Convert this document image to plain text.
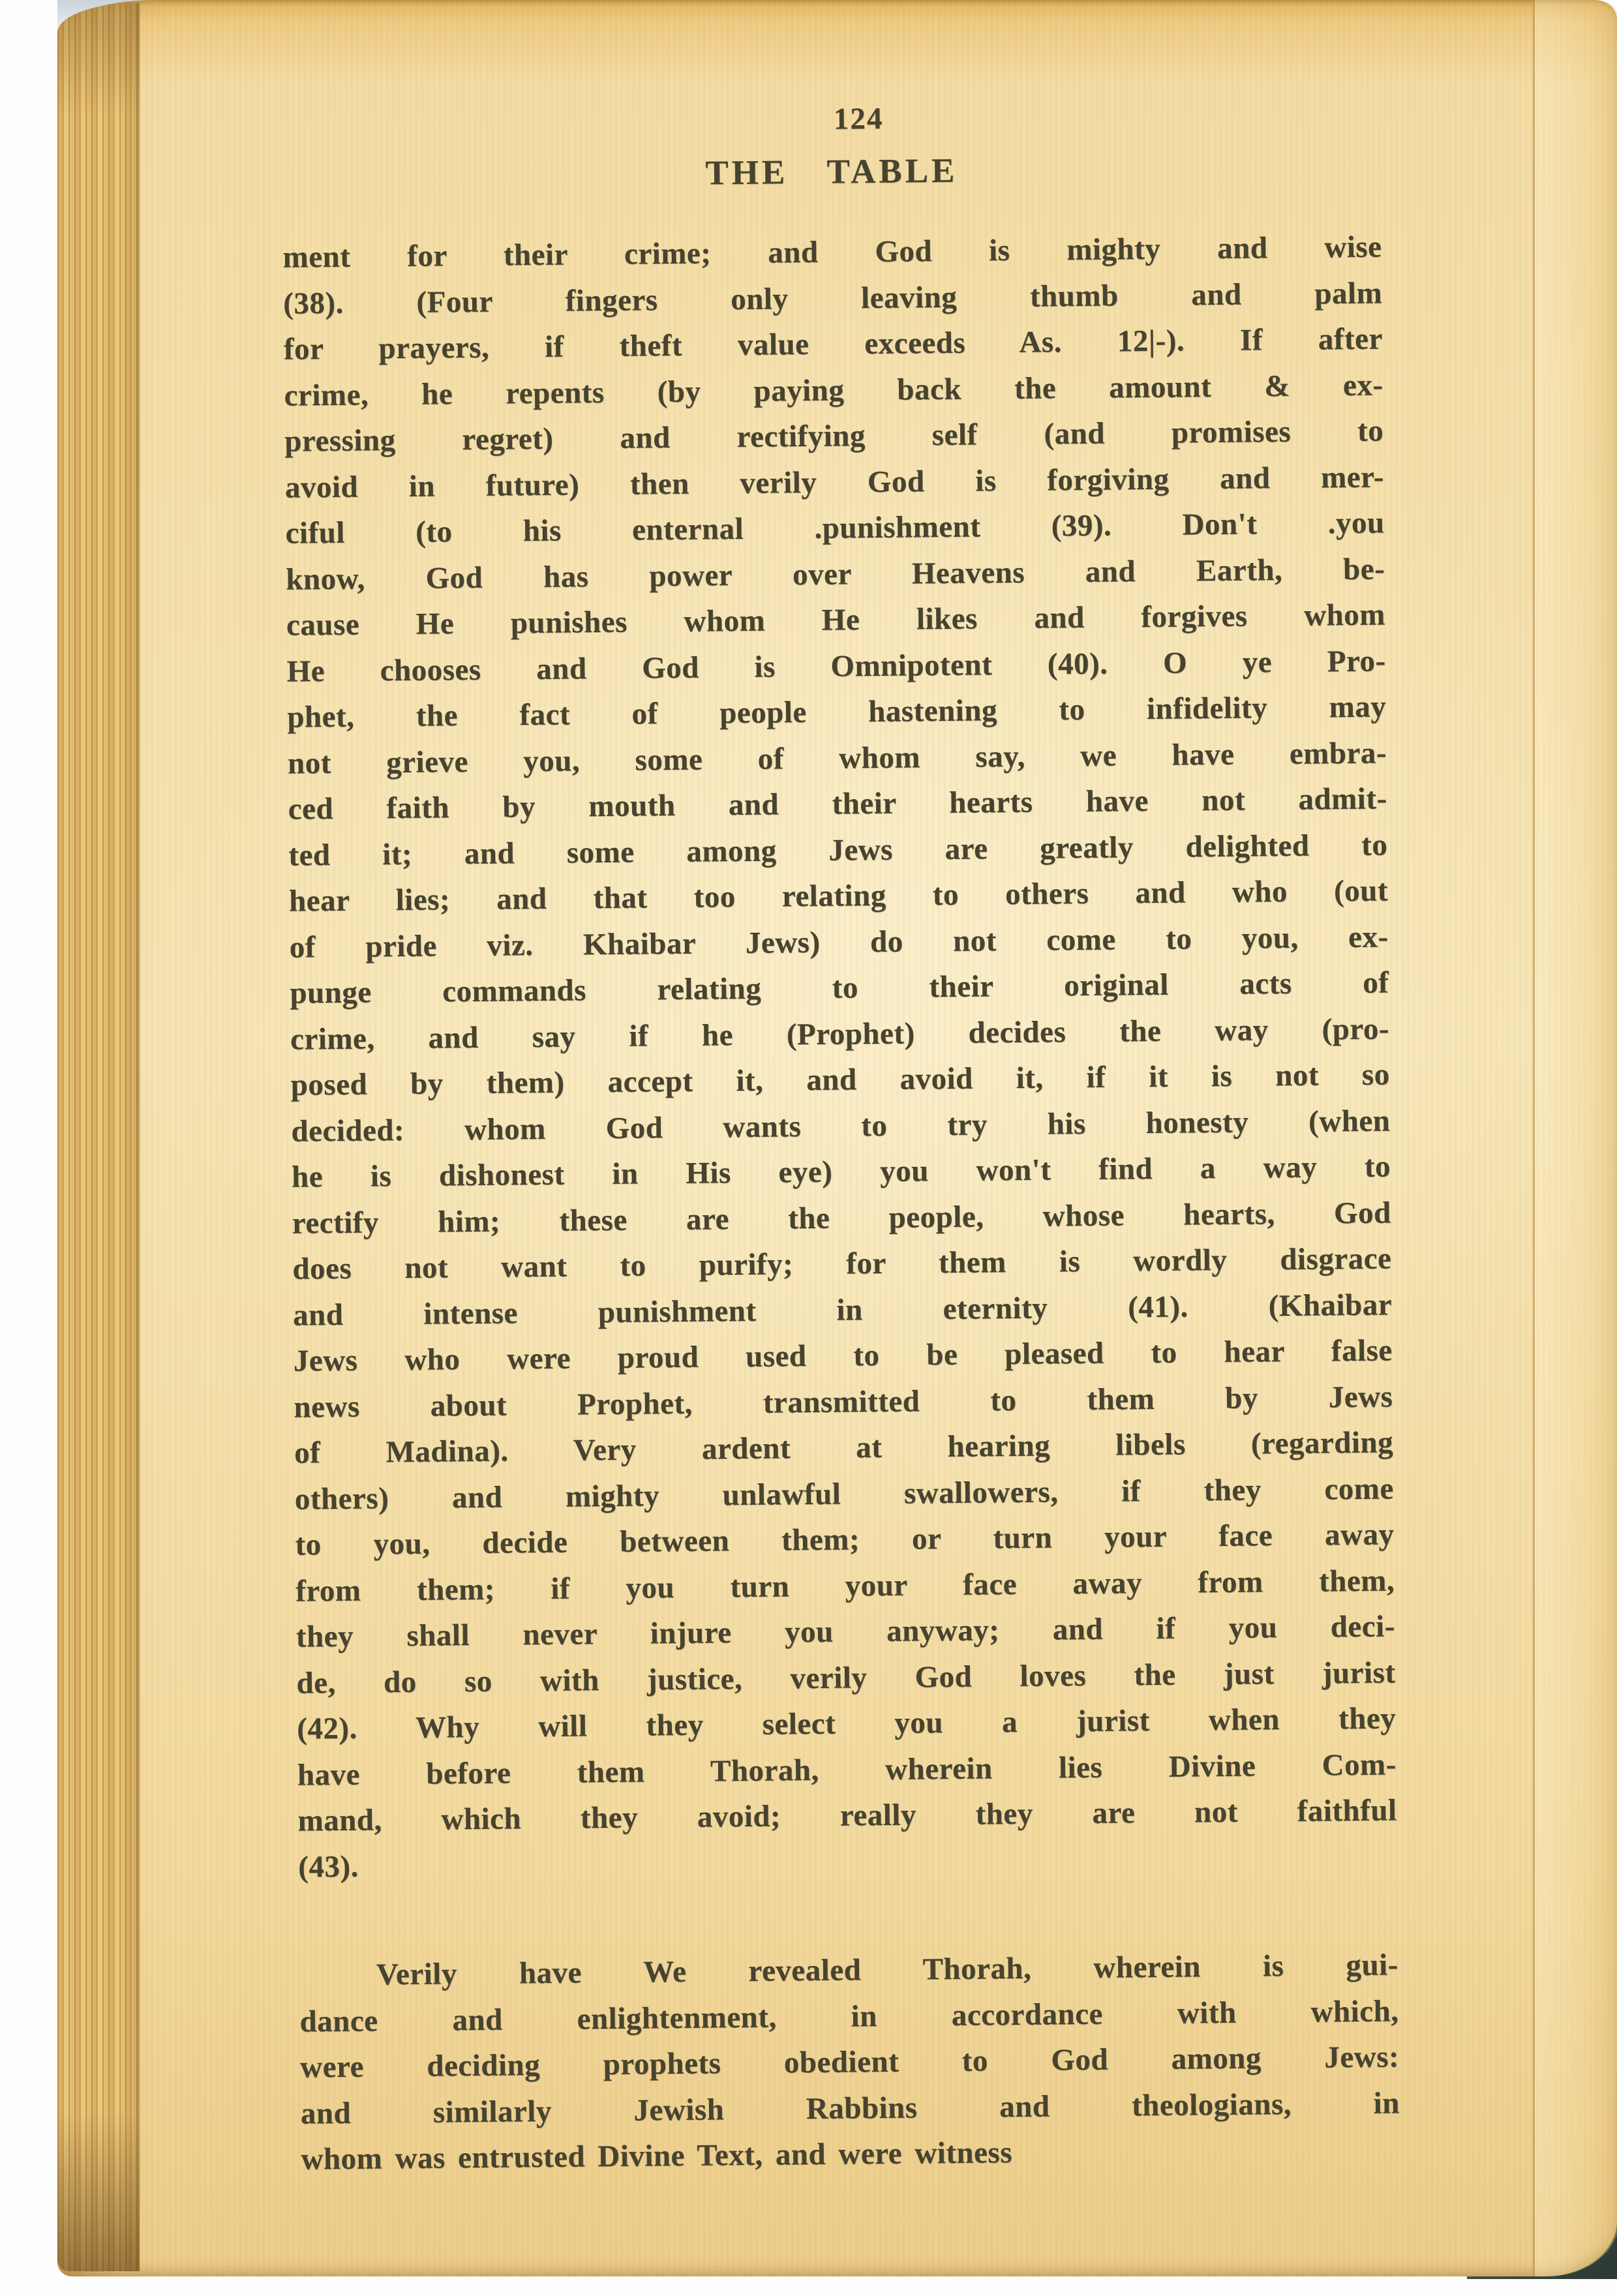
124
THE TABLE
ment for their crime; and God is mighty and wise
(38). (Four fingers only leaving thumb and palm
for prayers, if theft value exceeds As. 12|-). If after
crime, he repents (by paying back the amount & ex-
pressing regret) and rectifying self (and promises to
avoid in future) then verily God is forgiving and mer-
ciful (to his enternal .punishment (39). Don't .you
know, God has power over Heavens and Earth, be-
cause He punishes whom He likes and forgives whom
He chooses and God is Omnipotent (40). O ye Pro-
phet, the fact of people hastening to infidelity may
not grieve you, some of whom say, we have embra-
ced faith by mouth and their hearts have not admit-
ted it; and some among Jews are greatly delighted to
hear lies; and that too relating to others and who (out
of pride viz. Khaibar Jews) do not come to you, ex-
punge commands relating to their original acts of
crime, and say if he (Prophet) decides the way (pro-
posed by them) accept it, and avoid it, if it is not so
decided: whom God wants to try his honesty (when
he is dishonest in His eye) you won't find a way to
rectify him; these are the people, whose hearts, God
does not want to purify; for them is wordly disgrace
and intense punishment in eternity (41). (Khaibar
Jews who were proud used to be pleased to hear false
news about Prophet, transmitted to them by Jews
of Madina). Very ardent at hearing libels (regarding
others) and mighty unlawful swallowers, if they come
to you, decide between them; or turn your face away
from them; if you turn your face away from them,
they shall never injure you anyway; and if you deci-
de, do so with justice, verily God loves the just jurist
(42). Why will they select you a jurist when they
have before them Thorah, wherein lies Divine Com-
mand, which they avoid; really they are not faithful
(43).
Verily have We revealed Thorah, wherein is gui-
dance and enlightenment, in accordance with which,
were deciding prophets obedient to God among Jews:
and similarly Jewish Rabbins and theologians, in
whom was entrusted Divine Text, and were witness
